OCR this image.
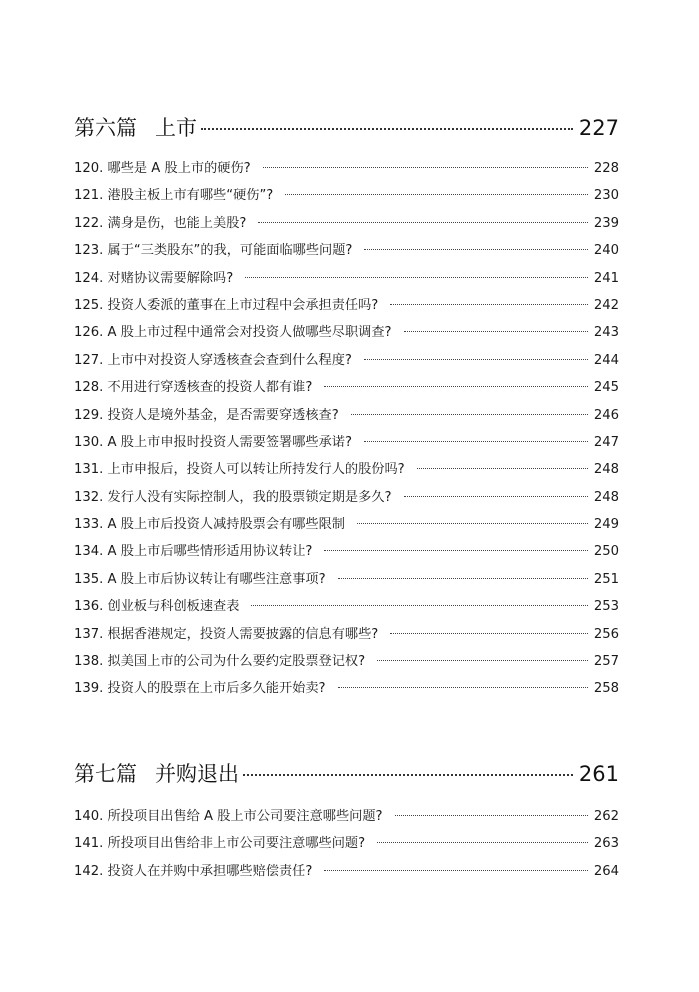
第六篇 上市	227
120. 哪些是 A 股上市的硬伤?	228
121. 港股主板上市有哪些“硬伤”?	230
122. 满身是伤，也能上美股?	239
123. 属于“三类股东”的我，可能面临哪些问题?	240
124. 对赌协议需要解除吗?	241
125. 投资人委派的董事在上市过程中会承担责任吗?	242
126. A 股上市过程中通常会对投资人做哪些尽职调查?	243
127. 上市中对投资人穿透核查会查到什么程度?	244
128. 不用进行穿透核查的投资人都有谁?	245
129. 投资人是境外基金，是否需要穿透核查?	246
130. A 股上市申报时投资人需要签署哪些承诺?	247
131. 上市申报后，投资人可以转让所持发行人的股份吗?	248
132. 发行人没有实际控制人，我的股票锁定期是多久?	248
133. A 股上市后投资人减持股票会有哪些限制	249
134. A 股上市后哪些情形适用协议转让?	250
135. A 股上市后协议转让有哪些注意事项?	251
136. 创业板与科创板速查表	253
137. 根据香港规定，投资人需要披露的信息有哪些?	256
138. 拟美国上市的公司为什么要约定股票登记权?	257
139. 投资人的股票在上市后多久能开始卖?	258
第七篇 并购退出	261
140. 所投项目出售给 A 股上市公司要注意哪些问题?	262
141. 所投项目出售给非上市公司要注意哪些问题?	263
142. 投资人在并购中承担哪些赔偿责任?	264
